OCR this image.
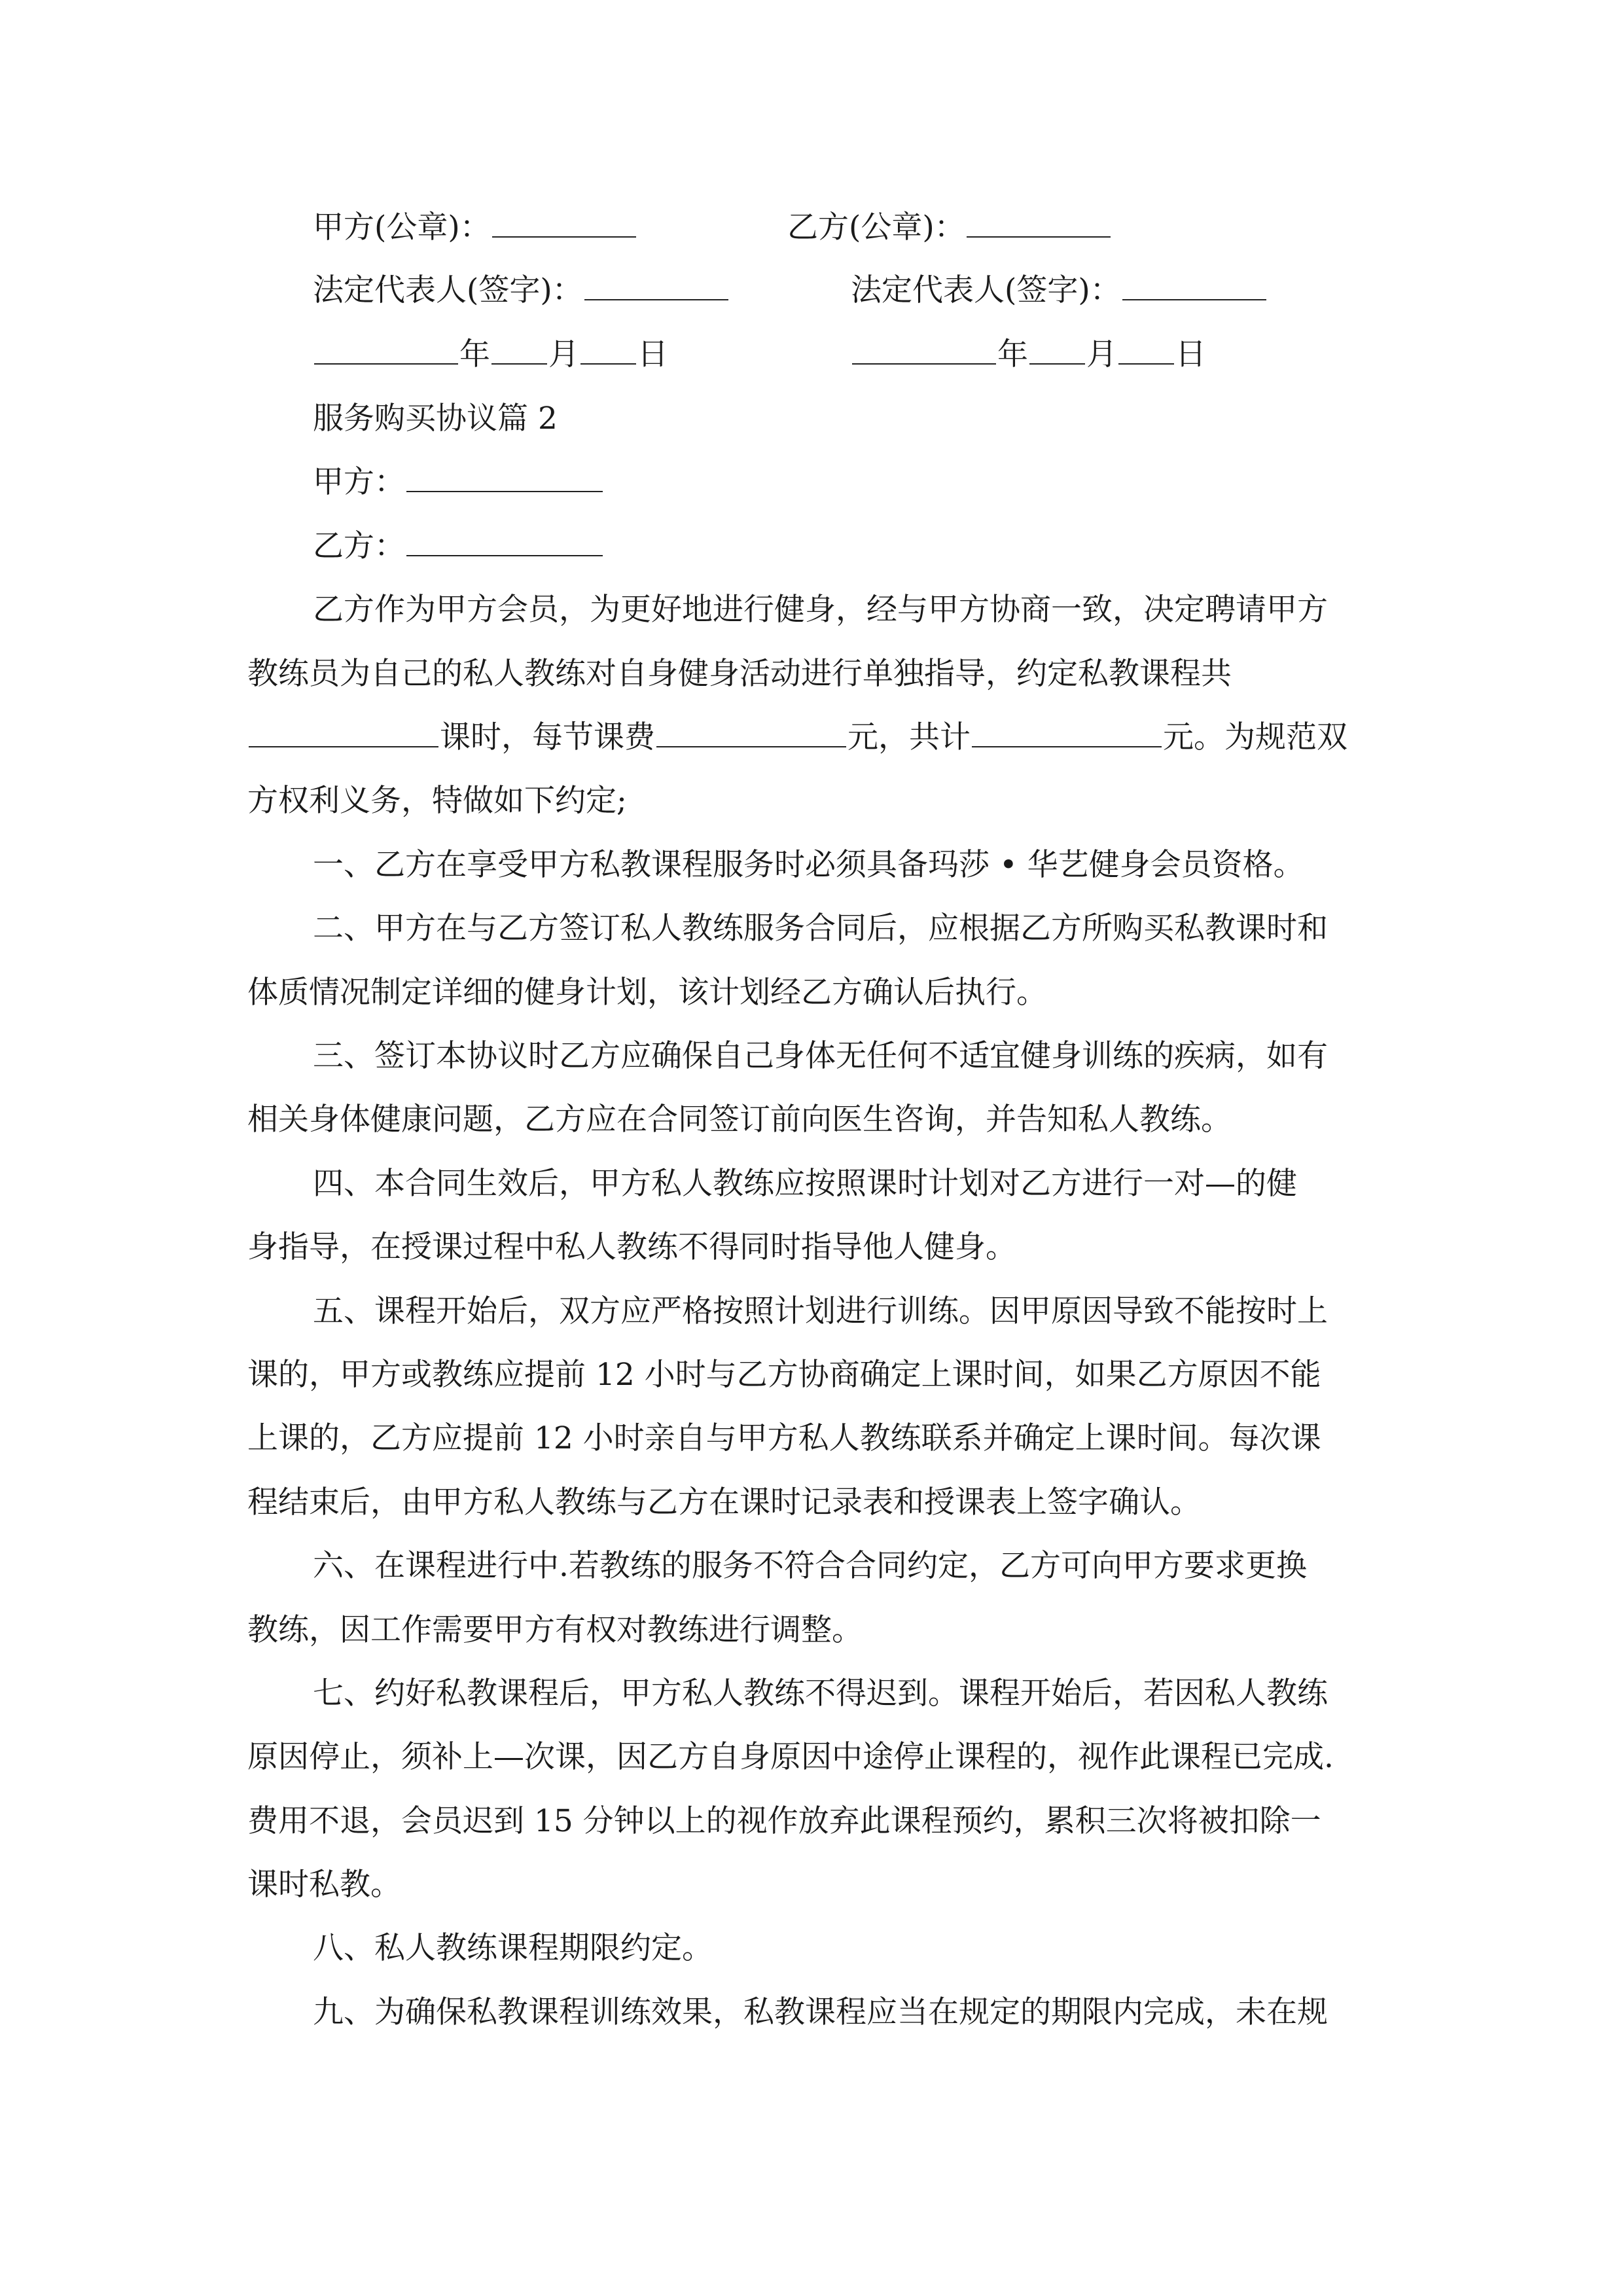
甲方(公章)：	乙方(公章)：
法定代表人(签字)：	法定代表人(签字)：
年 月 日	年 月 日
服务购买协议篇 2
甲方：
乙方：
乙方作为甲方会员，为更好地进行健身，经与甲方协商一致，决定聘请甲方
教练员为自己的私人教练对自身健身活动进行单独指导，约定私教课程共
课时，每节课费	元，共计	元。为规范双
方权利义务，特做如下约定;
一、乙方在享受甲方私教课程服务时必须具备玛莎 • 华艺健身会员资格。
二、甲方在与乙方签订私人教练服务合同后，应根据乙方所购买私教课时和
体质情况制定详细的健身计划，该计划经乙方确认后执行。
三、签订本协议时乙方应确保自己身体无任何不适宜健身训练的疾病，如有
相关身体健康问题，乙方应在合同签订前向医生咨询，并告知私人教练。
四、本合同生效后，甲方私人教练应按照课时计划对乙方进行一对—的健
身指导，在授课过程中私人教练不得同时指导他人健身。
五、课程开始后，双方应严格按照计划进行训练。因甲原因导致不能按时上
课的，甲方或教练应提前 12 小时与乙方协商确定上课时间，如果乙方原因不能
上课的，乙方应提前 12 小时亲自与甲方私人教练联系并确定上课时间。每次课
程结束后，由甲方私人教练与乙方在课时记录表和授课表上签字确认。
六、在课程进行中.若教练的服务不符合合同约定，乙方可向甲方要求更换
教练，因工作需要甲方有权对教练进行调整。
七、约好私教课程后，甲方私人教练不得迟到。课程开始后，若因私人教练
原因停止，须补上—次课，因乙方自身原因中途停止课程的，视作此课程已完成.
费用不退，会员迟到 15 分钟以上的视作放弃此课程预约，累积三次将被扣除一
课时私教。
八、私人教练课程期限约定。
九、为确保私教课程训练效果，私教课程应当在规定的期限内完成，未在规
